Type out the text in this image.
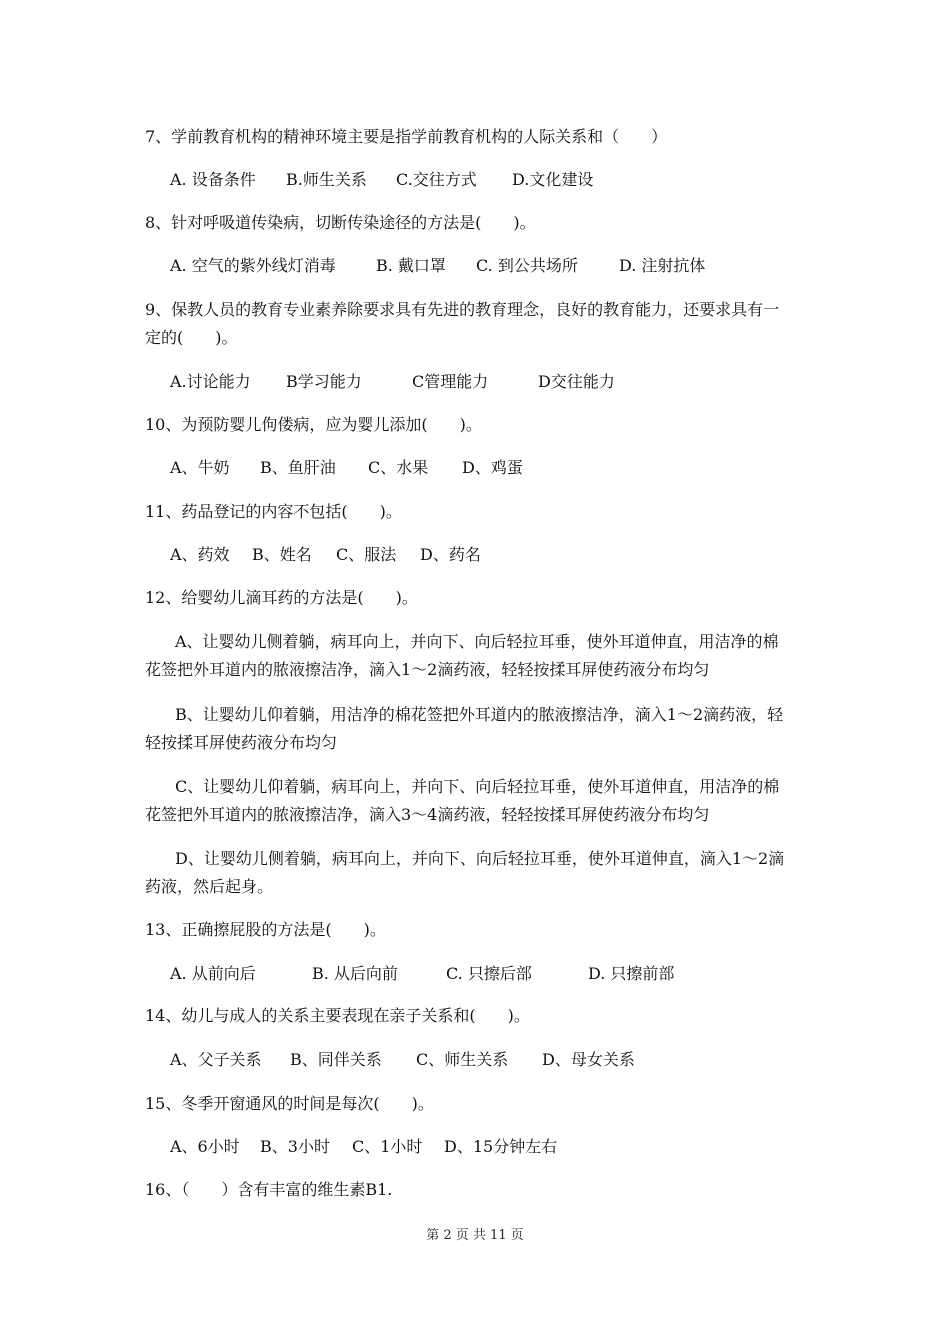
7、学前教育机构的精神环境主要是指学前教育机构的人际关系和（　　）
A. 设备条件 B.师生关系 C.交往方式 D.文化建设
8、针对呼吸道传染病，切断传染途径的方法是(　　)。
A. 空气的紫外线灯消毒	B. 戴口罩 C. 到公共场所	D. 注射抗体
9、保教人员的教育专业素养除要求具有先进的教育理念，良好的教育能力，还要求具有一
定的(　　)。
A.讨论能力 B学习能力	C管理能力	D交往能力
10、为预防婴儿佝偻病，应为婴儿添加(　　)。
A、牛奶 B、鱼肝油 C、水果 D、鸡蛋
11、药品登记的内容不包括(　　)。
A、药效 B、姓名 C、服法 D、药名
12、给婴幼儿滴耳药的方法是(　　)。
A、让婴幼儿侧着躺，病耳向上，并向下、向后轻拉耳垂，使外耳道伸直，用洁净的棉
花签把外耳道内的脓液擦洁净，滴入1～2滴药液，轻轻按揉耳屏使药液分布均匀
B、让婴幼儿仰着躺，用洁净的棉花签把外耳道内的脓液擦洁净，滴入1～2滴药液，轻
轻按揉耳屏使药液分布均匀
C、让婴幼儿仰着躺，病耳向上，并向下、向后轻拉耳垂，使外耳道伸直，用洁净的棉
花签把外耳道内的脓液擦洁净，滴入3～4滴药液，轻轻按揉耳屏使药液分布均匀
D、让婴幼儿侧着躺，病耳向上，并向下、向后轻拉耳垂，使外耳道伸直，滴入1～2滴
药液，然后起身。
13、正确擦屁股的方法是(　　)。
A. 从前向后	B. 从后向前	C. 只擦后部	D. 只擦前部
14、幼儿与成人的关系主要表现在亲子关系和(　　)。
A、父子关系 B、同伴关系 C、师生关系 D、母女关系
15、冬季开窗通风的时间是每次(　　)。
A、6小时 B、3小时 C、1小时 D、15分钟左右
16、（　　）含有丰富的维生素B1.
第 2 页 共 11 页
